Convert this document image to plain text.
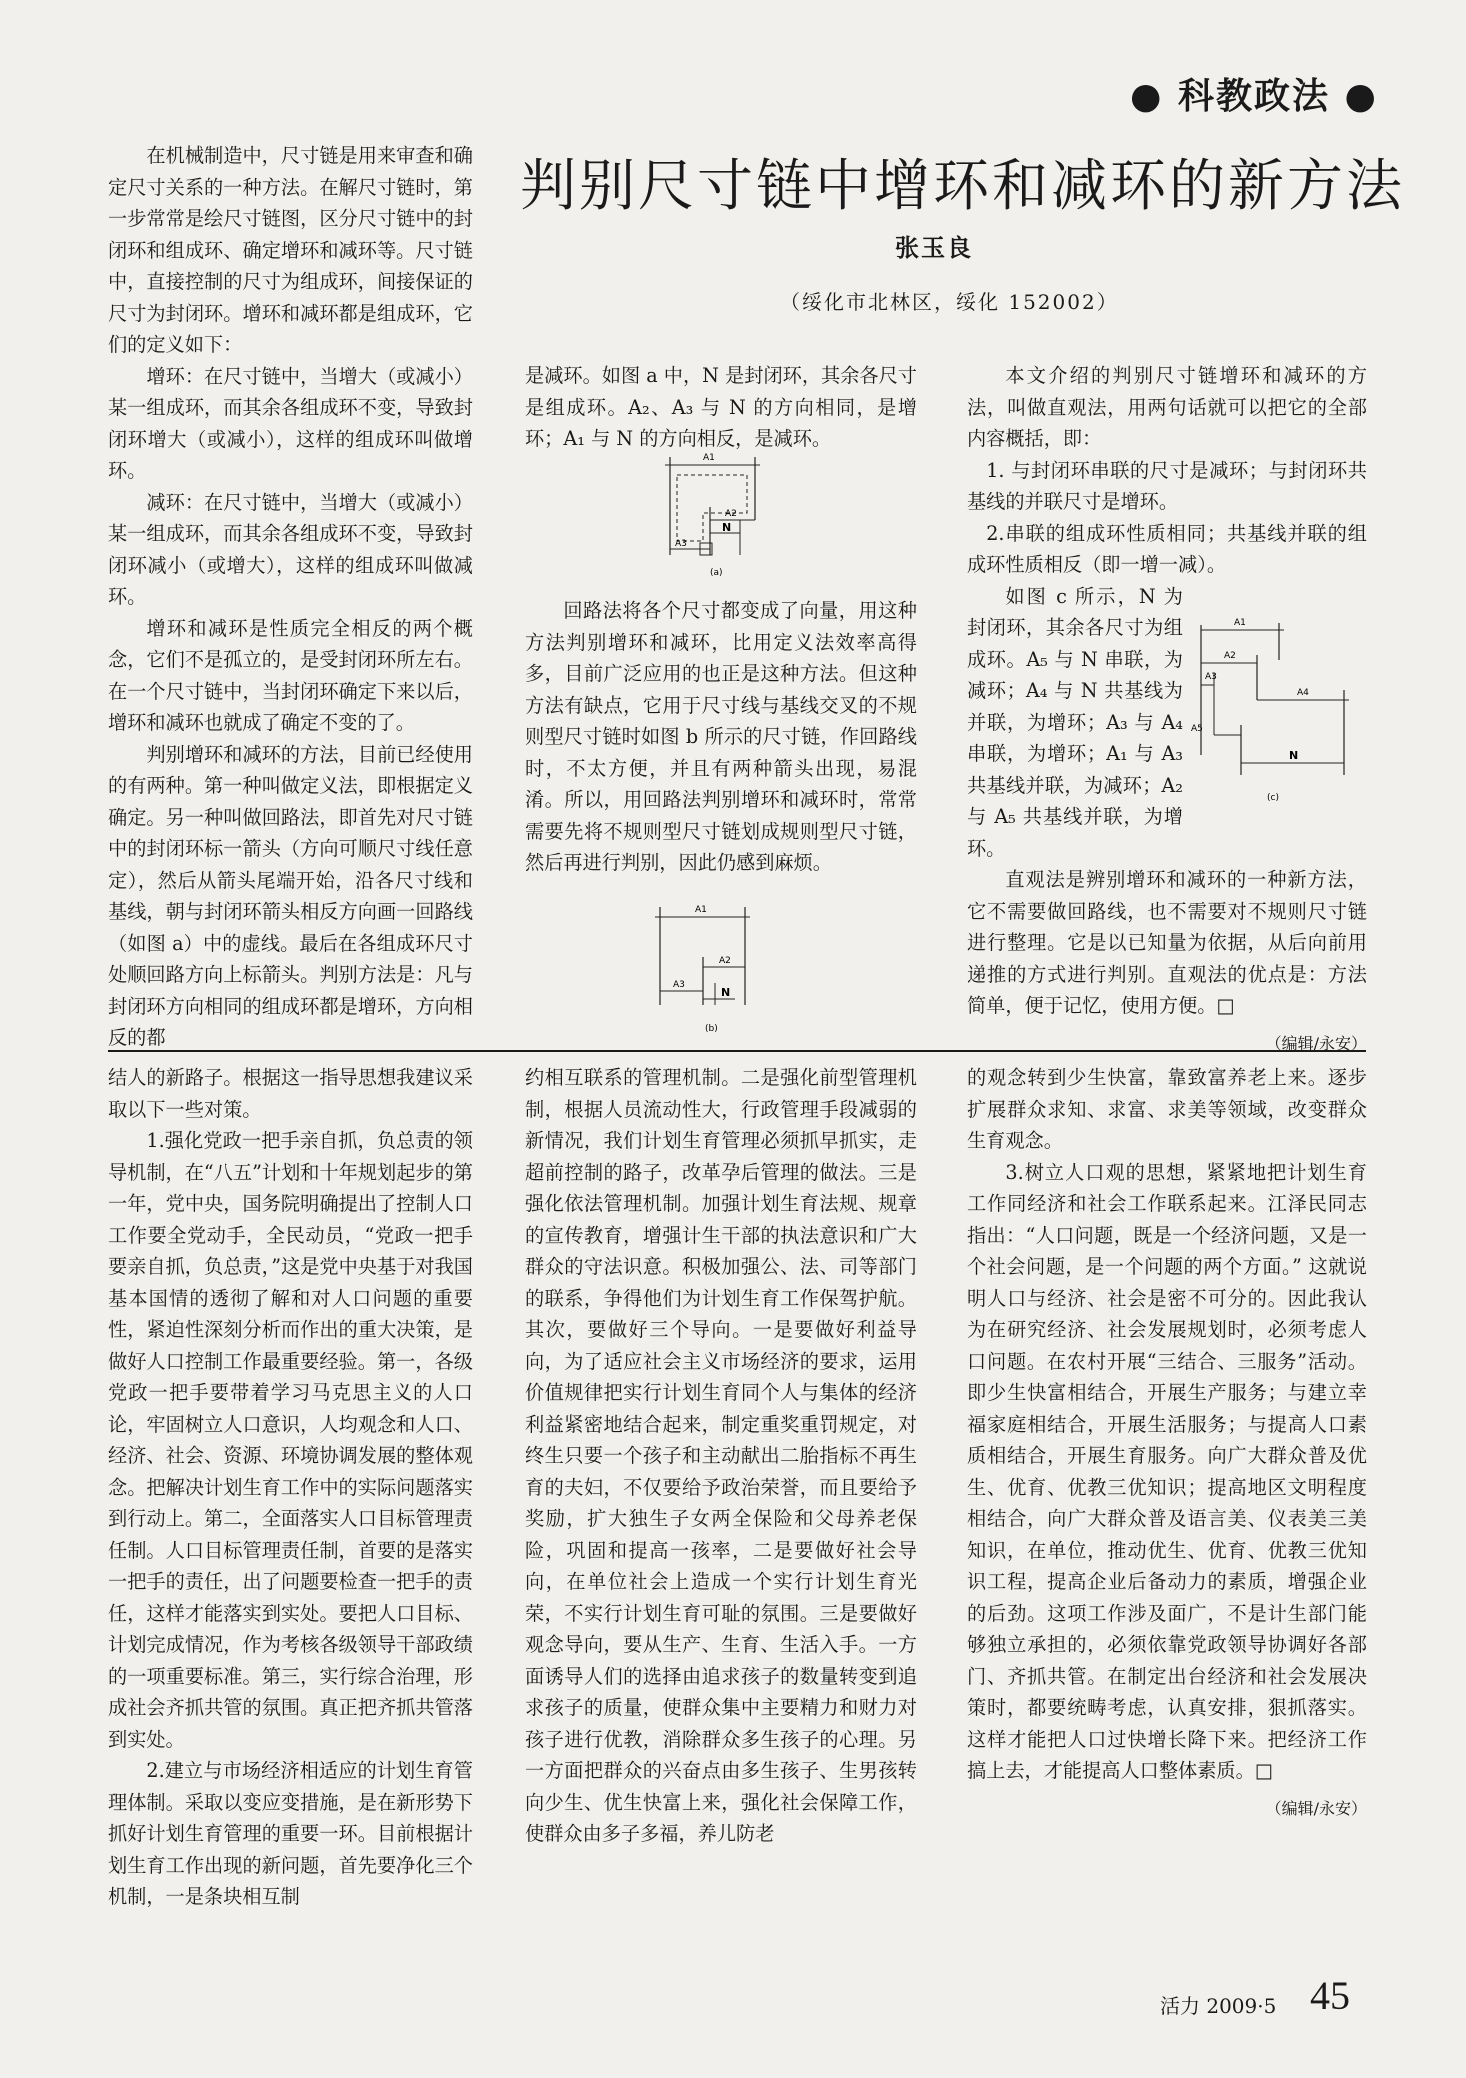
● 科教政法 ●
判别尺寸链中增环和减环的新方法
张玉良
（绥化市北林区，绥化 152002）

在机械制造中，尺寸链是用来审查和确定尺寸关系的一种方法。在解尺寸链时，第一步常常是绘尺寸链图，区分尺寸链中的封闭环和组成环、确定增环和减环等。尺寸链中，直接控制的尺寸为组成环，间接保证的尺寸为封闭环。增环和减环都是组成环，它们的定义如下：

增环：在尺寸链中，当增大（或减小）某一组成环，而其余各组成环不变，导致封闭环增大（或减小），这样的组成环叫做增环。

减环：在尺寸链中，当增大（或减小）某一组成环，而其余各组成环不变，导致封闭环减小（或增大），这样的组成环叫做减环。

增环和减环是性质完全相反的两个概念，它们不是孤立的，是受封闭环所左右。在一个尺寸链中，当封闭环确定下来以后，增环和减环也就成了确定不变的了。

判别增环和减环的方法，目前已经使用的有两种。第一种叫做定义法，即根据定义确定。另一种叫做回路法，即首先对尺寸链中的封闭环标一箭头（方向可顺尺寸线任意定），然后从箭头尾端开始，沿各尺寸线和基线，朝与封闭环箭头相反方向画一回路线（如图 a）中的虚线。最后在各组成环尺寸处顺回路方向上标箭头。判别方法是：凡与封闭环方向相同的组成环都是增环，方向相反的都

是减环。如图 a 中，N 是封闭环，其余各尺寸是组成环。A₂、A₃ 与 N 的方向相同，是增环；A₁ 与 N 的方向相反，是减环。

A1
A2
A3
N
(a)

回路法将各个尺寸都变成了向量，用这种方法判别增环和减环，比用定义法效率高得多，目前广泛应用的也正是这种方法。但这种方法有缺点，它用于尺寸线与基线交叉的不规则型尺寸链时如图 b 所示的尺寸链，作回路线时，不太方便，并且有两种箭头出现，易混淆。所以，用回路法判别增环和减环时，常常需要先将不规则型尺寸链划成规则型尺寸链，然后再进行判别，因此仍感到麻烦。

A1
A2
A3
N
(b)

本文介绍的判别尺寸链增环和减环的方法，叫做直观法，用两句话就可以把它的全部内容概括，即：

1. 与封闭环串联的尺寸是减环；与封闭环共基线的并联尺寸是增环。

2.串联的组成环性质相同；共基线并联的组成环性质相反（即一增一减）。

A1
A2
A3
A4
A5
N
(c)

如图 c 所示，N 为封闭环，其余各尺寸为组成环。A₅ 与 N 串联，为减环；A₄ 与 N 共基线为并联，为增环；A₃ 与 A₄ 串联，为增环；A₁ 与 A₃ 共基线并联，为减环；A₂ 与 A₅ 共基线并联，为增环。

直观法是辨别增环和减环的一种新方法，它不需要做回路线，也不需要对不规则尺寸链进行整理。它是以已知量为依据，从后向前用递推的方式进行判别。直观法的优点是：方法简单，便于记忆，使用方便。□

（编辑/永安）

结人的新路子。根据这一指导思想我建议采取以下一些对策。

1.强化党政一把手亲自抓，负总责的领导机制，在“八五”计划和十年规划起步的第一年，党中央，国务院明确提出了控制人口工作要全党动手，全民动员，“党政一把手要亲自抓，负总责，”这是党中央基于对我国基本国情的透彻了解和对人口问题的重要性，紧迫性深刻分析而作出的重大决策，是做好人口控制工作最重要经验。第一，各级党政一把手要带着学习马克思主义的人口论，牢固树立人口意识，人均观念和人口、经济、社会、资源、环境协调发展的整体观念。把解决计划生育工作中的实际问题落实到行动上。第二，全面落实人口目标管理责任制。人口目标管理责任制，首要的是落实一把手的责任，出了问题要检查一把手的责任，这样才能落实到实处。要把人口目标、计划完成情况，作为考核各级领导干部政绩的一项重要标准。第三，实行综合治理，形成社会齐抓共管的氛围。真正把齐抓共管落到实处。

2.建立与市场经济相适应的计划生育管理体制。采取以变应变措施，是在新形势下抓好计划生育管理的重要一环。目前根据计划生育工作出现的新问题，首先要净化三个机制，一是条块相互制

约相互联系的管理机制。二是强化前型管理机制，根据人员流动性大，行政管理手段减弱的新情况，我们计划生育管理必须抓早抓实，走超前控制的路子，改革孕后管理的做法。三是强化依法管理机制。加强计划生育法规、规章的宣传教育，增强计生干部的执法意识和广大群众的守法识意。积极加强公、法、司等部门的联系，争得他们为计划生育工作保驾护航。其次，要做好三个导向。一是要做好利益导向，为了适应社会主义市场经济的要求，运用价值规律把实行计划生育同个人与集体的经济利益紧密地结合起来，制定重奖重罚规定，对终生只要一个孩子和主动献出二胎指标不再生育的夫妇，不仅要给予政治荣誉，而且要给予奖励，扩大独生子女两全保险和父母养老保险，巩固和提高一孩率，二是要做好社会导向，在单位社会上造成一个实行计划生育光荣，不实行计划生育可耻的氛围。三是要做好观念导向，要从生产、生育、生活入手。一方面诱导人们的选择由追求孩子的数量转变到追求孩子的质量，使群众集中主要精力和财力对孩子进行优教，消除群众多生孩子的心理。另一方面把群众的兴奋点由多生孩子、生男孩转向少生、优生快富上来，强化社会保障工作，使群众由多子多福，养儿防老

的观念转到少生快富，靠致富养老上来。逐步扩展群众求知、求富、求美等领域，改变群众生育观念。

3.树立人口观的思想，紧紧地把计划生育工作同经济和社会工作联系起来。江泽民同志指出：“人口问题，既是一个经济问题，又是一个社会问题，是一个问题的两个方面。” 这就说明人口与经济、社会是密不可分的。因此我认为在研究经济、社会发展规划时，必须考虑人口问题。在农村开展“三结合、三服务”活动。即少生快富相结合，开展生产服务；与建立幸福家庭相结合，开展生活服务；与提高人口素质相结合，开展生育服务。向广大群众普及优生、优育、优教三优知识；提高地区文明程度相结合，向广大群众普及语言美、仪表美三美知识，在单位，推动优生、优育、优教三优知识工程，提高企业后备动力的素质，增强企业的后劲。这项工作涉及面广，不是计生部门能够独立承担的，必须依靠党政领导协调好各部门、齐抓共管。在制定出台经济和社会发展决策时，都要统畴考虑，认真安排，狠抓落实。这样才能把人口过快增长降下来。把经济工作搞上去，才能提高人口整体素质。□

（编辑/永安）

活力 2009·5 45
